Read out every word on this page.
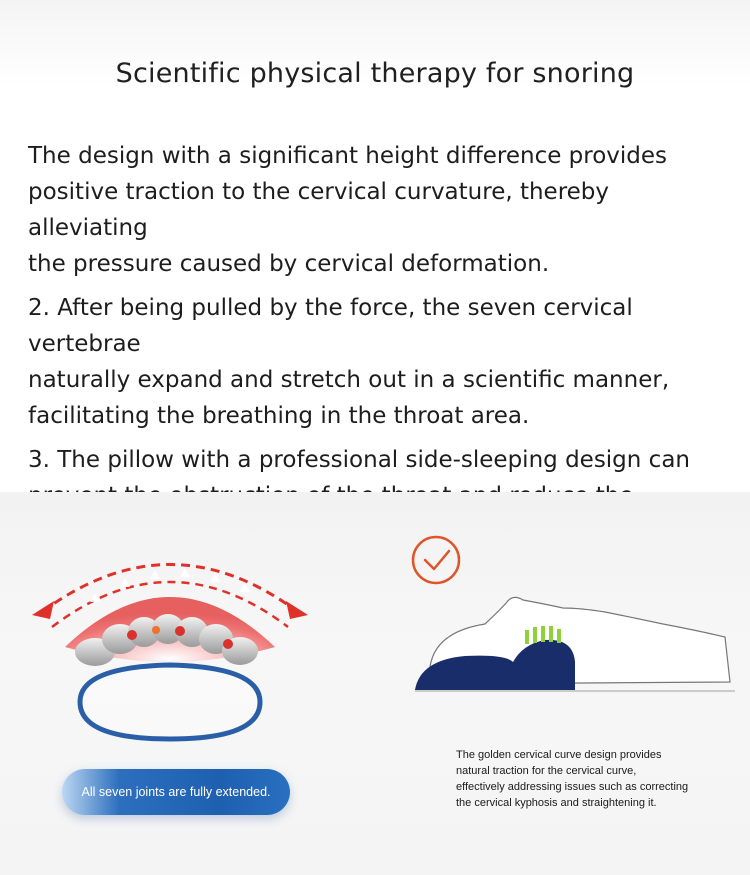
Scientific physical therapy for snoring

The design with a significant height difference provides
positive traction to the cervical curvature, thereby alleviating
the pressure caused by cervical deformation.

2. After being pulled by the force, the seven cervical vertebrae
naturally expand and stretch out in a scientific manner,
facilitating the breathing in the throat area.

3. The pillow with a professional side-sleeping design can

All seven joints are fully extended.

The golden cervical curve design provides
natural traction for the cervical curve,
effectively addressing issues such as correcting
the cervical kyphosis and straightening it.
